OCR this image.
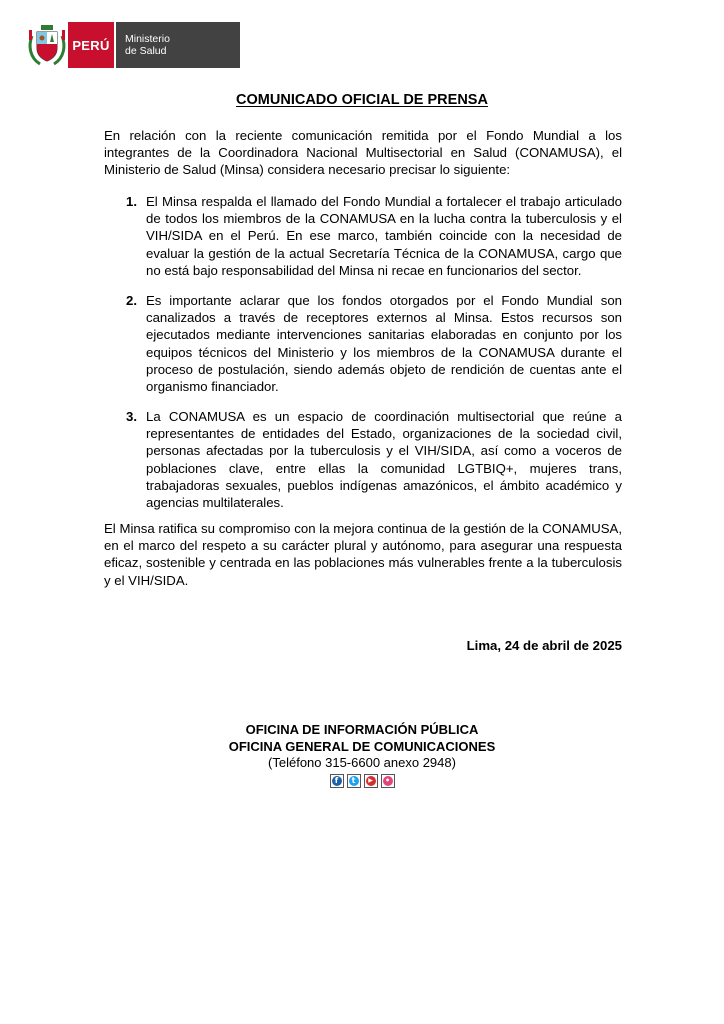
PERÚ	Ministerio
de Salud
COMUNICADO OFICIAL DE PRENSA

En relación con la reciente comunicación remitida por el Fondo Mundial a los integrantes de la Coordinadora Nacional Multisectorial en Salud (CONAMUSA), el Ministerio de Salud (Minsa) considera necesario precisar lo siguiente:

1. El Minsa respalda el llamado del Fondo Mundial a fortalecer el trabajo articulado de todos los miembros de la CONAMUSA en la lucha contra la tuberculosis y el VIH/SIDA en el Perú. En ese marco, también coincide con la necesidad de evaluar la gestión de la actual Secretaría Técnica de la CONAMUSA, cargo que no está bajo responsabilidad del Minsa ni recae en funcionarios del sector.

2. Es importante aclarar que los fondos otorgados por el Fondo Mundial son canalizados a través de receptores externos al Minsa. Estos recursos son ejecutados mediante intervenciones sanitarias elaboradas en conjunto por los equipos técnicos del Ministerio y los miembros de la CONAMUSA durante el proceso de postulación, siendo además objeto de rendición de cuentas ante el organismo financiador.

3. La CONAMUSA es un espacio de coordinación multisectorial que reúne a representantes de entidades del Estado, organizaciones de la sociedad civil, personas afectadas por la tuberculosis y el VIH/SIDA, así como a voceros de poblaciones clave, entre ellas la comunidad LGTBIQ+, mujeres trans, trabajadoras sexuales, pueblos indígenas amazónicos, el ámbito académico y agencias multilaterales.

El Minsa ratifica su compromiso con la mejora continua de la gestión de la CONAMUSA, en el marco del respeto a su carácter plural y autónomo, para asegurar una respuesta eficaz, sostenible y centrada en las poblaciones más vulnerables frente a la tuberculosis y el VIH/SIDA.

Lima, 24 de abril de 2025
OFICINA DE INFORMACIÓN PÚBLICA
OFICINA GENERAL DE COMUNICACIONES
(Teléfono 315-6600 anexo 2948)
f	t	▶	•
